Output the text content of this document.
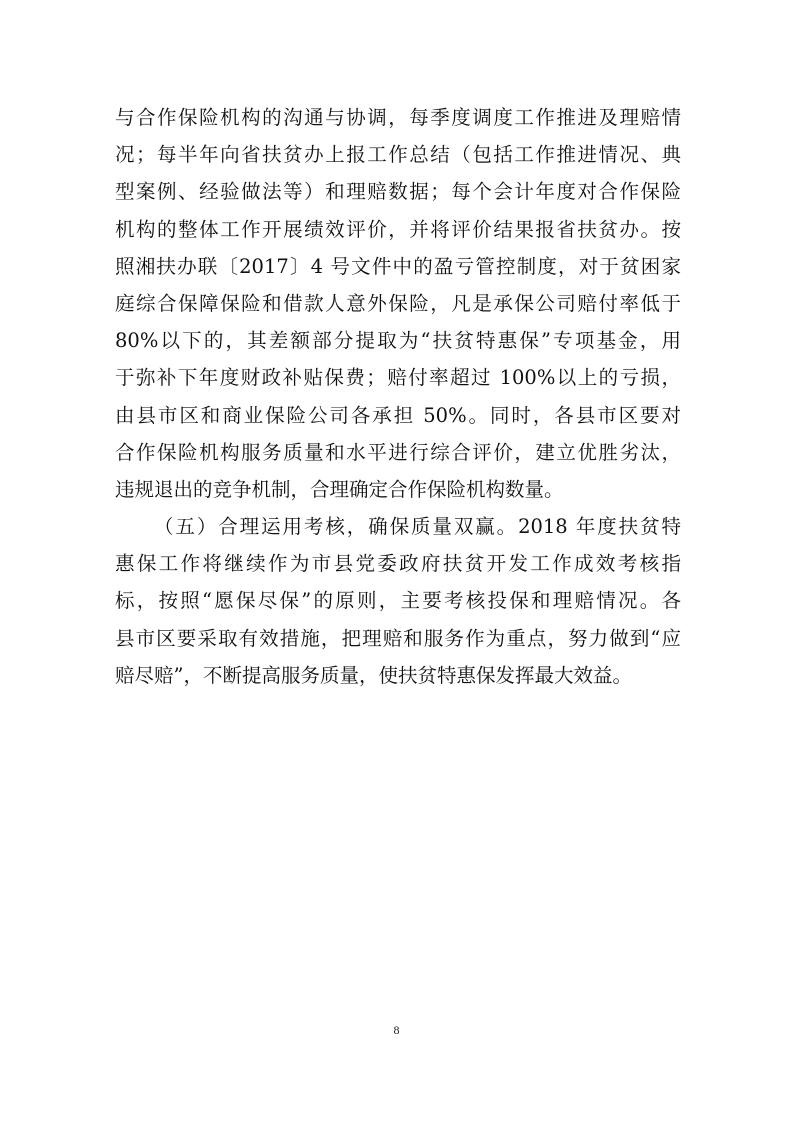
与合作保险机构的沟通与协调，每季度调度工作推进及理赔情
况；每半年向省扶贫办上报工作总结（包括工作推进情况、典
型案例、经验做法等）和理赔数据；每个会计年度对合作保险
机构的整体工作开展绩效评价，并将评价结果报省扶贫办。按
照湘扶办联〔2017〕4 号文件中的盈亏管控制度，对于贫困家
庭综合保障保险和借款人意外保险，凡是承保公司赔付率低于
80%以下的，其差额部分提取为“扶贫特惠保”专项基金，用
于弥补下年度财政补贴保费；赔付率超过 100%以上的亏损，
由县市区和商业保险公司各承担 50%。同时，各县市区要对
合作保险机构服务质量和水平进行综合评价，建立优胜劣汰，
违规退出的竞争机制，合理确定合作保险机构数量。
（五）合理运用考核，确保质量双赢。2018 年度扶贫特
惠保工作将继续作为市县党委政府扶贫开发工作成效考核指
标，按照“愿保尽保”的原则，主要考核投保和理赔情况。各
县市区要采取有效措施，把理赔和服务作为重点，努力做到“应
赔尽赔”，不断提高服务质量，使扶贫特惠保发挥最大效益。
8
